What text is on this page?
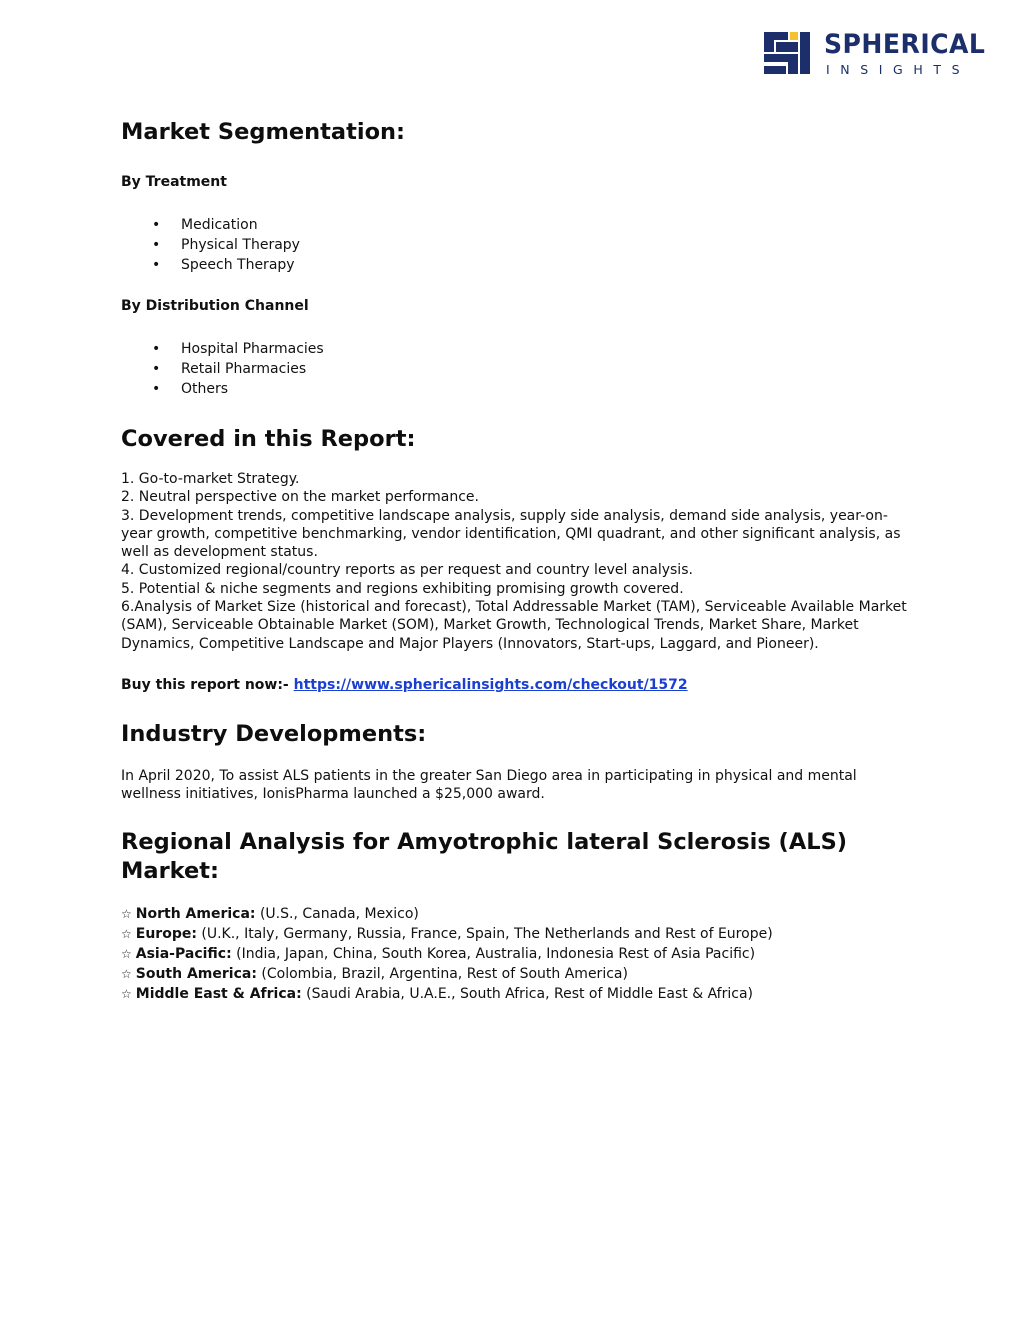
SPHERICAL
INSIGHTS
Market Segmentation:

By Treatment

• Medication
• Physical Therapy
• Speech Therapy

By Distribution Channel

• Hospital Pharmacies
• Retail Pharmacies
• Others
Covered in this Report:
1. Go-to-market Strategy.
2. Neutral perspective on the market performance.
3. Development trends, competitive landscape analysis, supply side analysis, demand side analysis, year-on-year growth, competitive benchmarking, vendor identification, QMI quadrant, and other significant analysis, as well as development status.
4. Customized regional/country reports as per request and country level analysis.
5. Potential & niche segments and regions exhibiting promising growth covered.
6.Analysis of Market Size (historical and forecast), Total Addressable Market (TAM), Serviceable Available Market (SAM), Serviceable Obtainable Market (SOM), Market Growth, Technological Trends, Market Share, Market Dynamics, Competitive Landscape and Major Players (Innovators, Start-ups, Laggard, and Pioneer).
Buy this report now:- https://www.sphericalinsights.com/checkout/1572
Industry Developments:

In April 2020, To assist ALS patients in the greater San Diego area in participating in physical and mental wellness initiatives, IonisPharma launched a $25,000 award.

Regional Analysis for Amyotrophic lateral Sclerosis (ALS) Market:
☆ North America: (U.S., Canada, Mexico)
☆ Europe: (U.K., Italy, Germany, Russia, France, Spain, The Netherlands and Rest of Europe)
☆ Asia-Pacific: (India, Japan, China, South Korea, Australia, Indonesia Rest of Asia Pacific)
☆ South America: (Colombia, Brazil, Argentina, Rest of South America)
☆ Middle East & Africa: (Saudi Arabia, U.A.E., South Africa, Rest of Middle East & Africa)
